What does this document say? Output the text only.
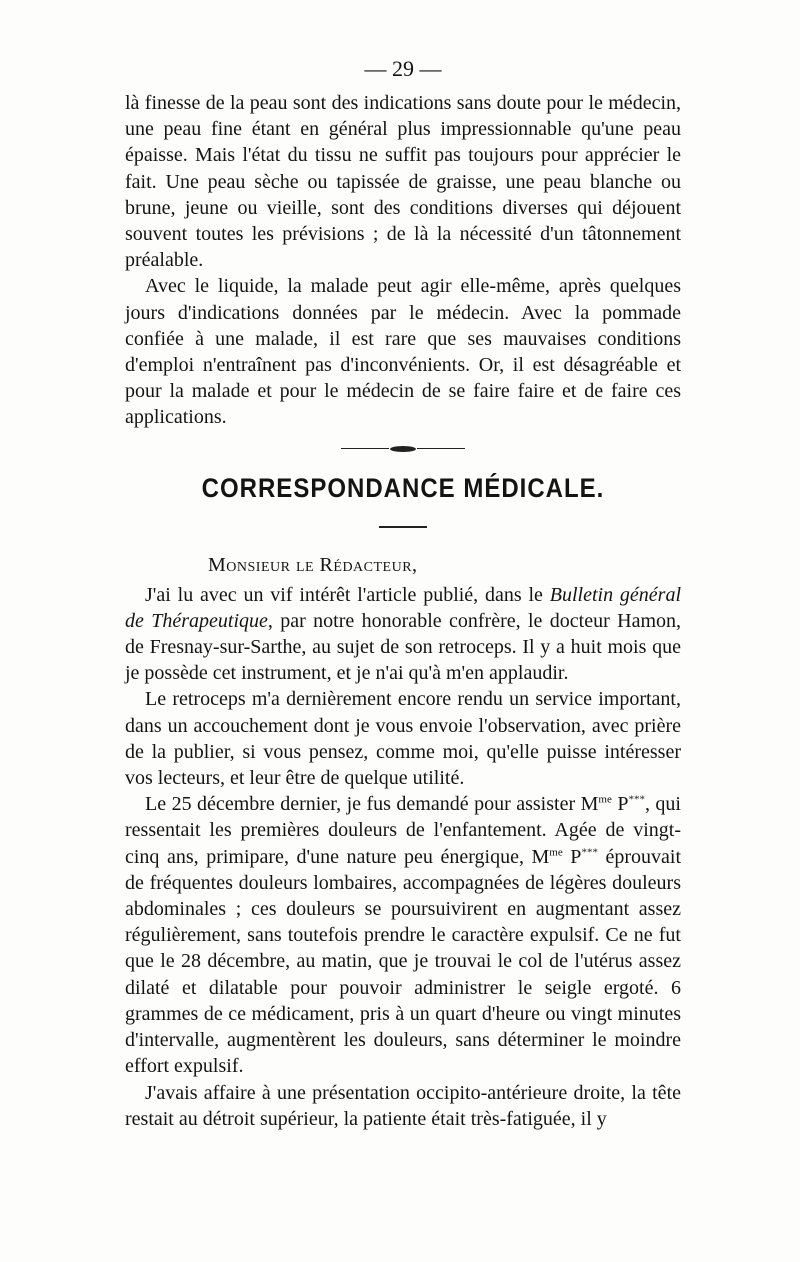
— 29 —

là finesse de la peau sont des indications sans doute pour le médecin, une peau fine étant en général plus impressionnable qu'une peau épaisse. Mais l'état du tissu ne suffit pas toujours pour apprécier le fait. Une peau sèche ou tapissée de graisse, une peau blanche ou brune, jeune ou vieille, sont des conditions diverses qui déjouent souvent toutes les prévisions ; de là la nécessité d'un tâtonnement préalable.

Avec le liquide, la malade peut agir elle-même, après quelques jours d'indications données par le médecin. Avec la pommade confiée à une malade, il est rare que ses mauvaises conditions d'emploi n'entraînent pas d'inconvénients. Or, il est désagréable et pour la malade et pour le médecin de se faire faire et de faire ces applications.

CORRESPONDANCE MÉDICALE.
Monsieur le Rédacteur,

J'ai lu avec un vif intérêt l'article publié, dans le Bulletin général de Thérapeutique, par notre honorable confrère, le docteur Hamon, de Fresnay-sur-Sarthe, au sujet de son retroceps. Il y a huit mois que je possède cet instrument, et je n'ai qu'à m'en applaudir.

Le retroceps m'a dernièrement encore rendu un service important, dans un accouchement dont je vous envoie l'observation, avec prière de la publier, si vous pensez, comme moi, qu'elle puisse intéresser vos lecteurs, et leur être de quelque utilité.

Le 25 décembre dernier, je fus demandé pour assister $M^{me}$ P***, qui ressentait les premières douleurs de l'enfantement. Agée de vingt-cinq ans, primipare, d'une nature peu énergique, $M^{me}$ P*** éprouvait de fréquentes douleurs lombaires, accompagnées de légères douleurs abdominales ; ces douleurs se poursuivirent en augmentant assez régulièrement, sans toutefois prendre le caractère expulsif. Ce ne fut que le 28 décembre, au matin, que je trouvai le col de l'utérus assez dilaté et dilatable pour pouvoir administrer le seigle ergoté. 6 grammes de ce médicament, pris à un quart d'heure ou vingt minutes d'intervalle, augmentèrent les douleurs, sans déterminer le moindre effort expulsif.

J'avais affaire à une présentation occipito-antérieure droite, la tête restait au détroit supérieur, la patiente était très-fatiguée, il y
